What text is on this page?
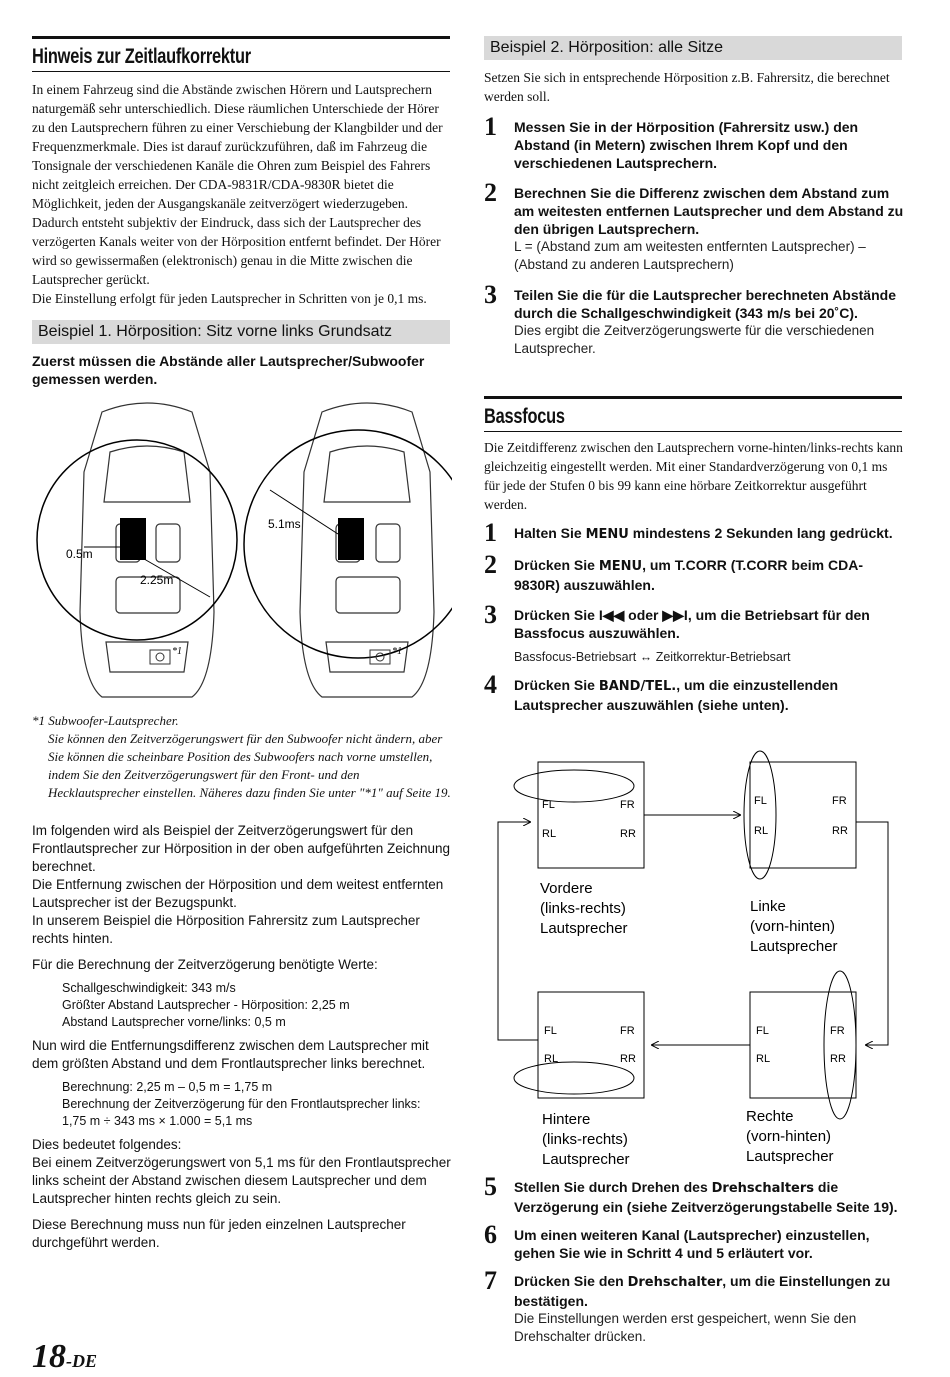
Hinweis zur Zeitlaufkorrektur
In einem Fahrzeug sind die Abstände zwischen Hörern und Lautsprechern naturgemäß sehr unterschiedlich. Diese räumlichen Unterschiede der Hörer zu den Lautsprechern führen zu einer Verschiebung der Klangbilder und der Frequenzmerkmale. Dies ist darauf zurückzuführen, daß im Fahrzeug die Tonsignale der verschiedenen Kanäle die Ohren zum Beispiel des Fahrers nicht zeitgleich erreichen. Der CDA-9831R/CDA-9830R bietet die Möglichkeit, jeden der Ausgangskanäle zeitverzögert wiederzugeben. Dadurch entsteht subjektiv der Eindruck, dass sich der Lautsprecher des verzögerten Kanals weiter von der Hörposition entfernt befindet. Der Hörer wird so gewissermaßen (elektronisch) genau in die Mitte zwischen die Lautsprecher gerückt.
Die Einstellung erfolgt für jeden Lautsprecher in Schritten von je 0,1 ms.
Beispiel 1. Hörposition: Sitz vorne links Grundsatz
Zuerst müssen die Abstände aller Lautsprecher/Subwoofer gemessen werden.
0.5m
2.25m
*1
5.1ms
*1
*1 Subwoofer-Lautsprecher.
Sie können den Zeitverzögerungswert für den Subwoofer nicht ändern, aber Sie können die scheinbare Position des Subwoofers nach vorne umstellen, indem Sie den Zeitverzögerungswert für den Front- und den Hecklautsprecher einstellen. Näheres dazu finden Sie unter "*1" auf Seite 19.
Im folgenden wird als Beispiel der Zeitverzögerungswert für den Frontlautsprecher zur Hörposition in der oben aufgeführten Zeichnung berechnet.
Die Entfernung zwischen der Hörposition und dem weitest entfernten Lautsprecher ist der Bezugspunkt.
In unserem Beispiel die Hörposition Fahrersitz zum Lautsprecher rechts hinten.
Für die Berechnung der Zeitverzögerung benötigte Werte:
Schallgeschwindigkeit: 343 m/s
Größter Abstand Lautsprecher - Hörposition: 2,25 m
Abstand Lautsprecher vorne/links: 0,5 m
Nun wird die Entfernungsdifferenz zwischen dem Lautsprecher mit dem größten Abstand und dem Frontlautsprecher links berechnet.
Berechnung: 2,25 m – 0,5 m = 1,75 m
Berechnung der Zeitverzögerung für den Frontlautsprecher links:
1,75 m ÷ 343 ms × 1.000 = 5,1 ms
Dies bedeutet folgendes:
Bei einem Zeitverzögerungswert von 5,1 ms für den Frontlautsprecher links scheint der Abstand zwischen diesem Lautsprecher und dem Lautsprecher hinten rechts gleich zu sein.
Diese Berechnung muss nun für jeden einzelnen Lautsprecher durchgeführt werden.
Beispiel 2. Hörposition: alle Sitze
Setzen Sie sich in entsprechende Hörposition z.B. Fahrersitz, die berechnet werden soll.
1 Messen Sie in der Hörposition (Fahrersitz usw.) den Abstand (in Metern) zwischen Ihrem Kopf und den verschiedenen Lautsprechern.
2 Berechnen Sie die Differenz zwischen dem Abstand zum am weitesten entfernen Lautsprecher und dem Abstand zu den übrigen Lautsprechern.
L = (Abstand zum am weitesten entfernten Lautsprecher) – (Abstand zu anderen Lautsprechern)
3 Teilen Sie die für die Lautsprecher berechneten Abstände durch die Schallgeschwindigkeit (343 m/s bei 20˚C).
Dies ergibt die Zeitverzögerungswerte für die verschiedenen Lautsprecher.
Bassfocus
Die Zeitdifferenz zwischen den Lautsprechern vorne-hinten/links-rechts kann gleichzeitig eingestellt werden. Mit einer Standardverzögerung von 0,1 ms für jede der Stufen 0 bis 99 kann eine hörbare Zeitkorrektur ausgeführt werden.
1 Halten Sie MENU mindestens 2 Sekunden lang gedrückt.
2 Drücken Sie MENU, um T.CORR (T.CORR beim CDA-9830R) auszuwählen.
3 Drücken Sie I◀◀ oder ▶▶I, um die Betriebsart für den Bassfocus auszuwählen.
Bassfocus-Betriebsart ↔ Zeitkorrektur-Betriebsart
4 Drücken Sie BAND/TEL., um die einzustellenden Lautsprecher auszuwählen (siehe unten).
FL	FR
RL	RR
Vordere
(links-rechts)
Lautsprecher
FL	FR
RL	RR
Linke
(vorn-hinten)
Lautsprecher
FL	FR
RL	RR
Hintere
(links-rechts)
Lautsprecher
FL	FR
RL	RR
Rechte
(vorn-hinten)
Lautsprecher
5 Stellen Sie durch Drehen des Drehschalters die Verzögerung ein (siehe Zeitverzögerungstabelle Seite 19).
6 Um einen weiteren Kanal (Lautsprecher) einzustellen, gehen Sie wie in Schritt 4 und 5 erläutert vor.
7 Drücken Sie den Drehschalter, um die Einstellungen zu bestätigen.
Die Einstellungen werden erst gespeichert, wenn Sie den Drehschalter drücken.
18-DE
